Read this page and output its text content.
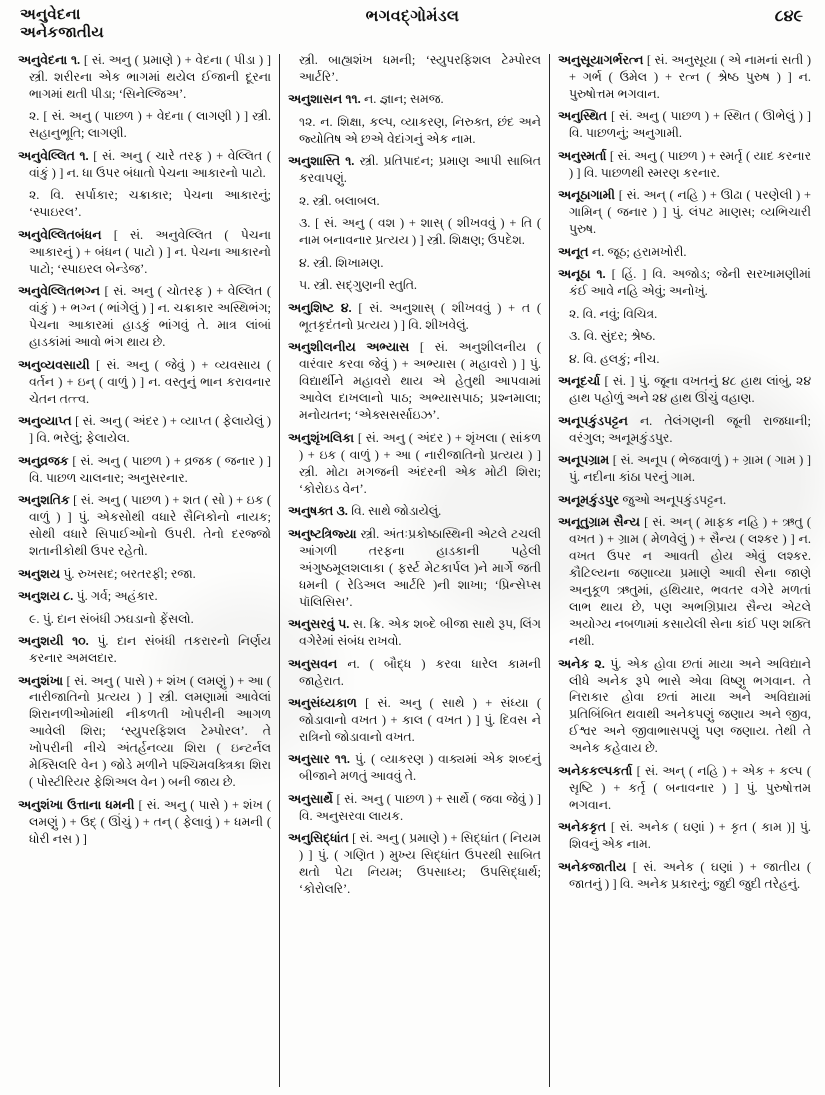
અનુવેદના
અનેકજાતીય
ભગવદ્ગોમંડલ	૮૪૯

અનુવેદના ૧. [ સં. અનુ ( પ્રમાણે ) + વેદના ( પીડા ) ] સ્ત્રી. શરીરના એક ભાગમાં થયેલ ઈજાની દૂરના ભાગમાં થતી પીડા; ‘સિનેલ્જિઅ’.

૨. [ સં. અનુ ( પાછળ ) + વેદના ( લાગણી ) ] સ્ત્રી. સહાનુભૂતિ; લાગણી.

અનુવેલ્લિત ૧. [ સં. અનુ ( ચારે તરફ ) + વેલ્લિત ( વાંકું ) ] ન. ધા ઉપર બંધાતો પેચના આકારનો પાટો.

૨. વિ. સર્પાકાર; ચક્રાકાર; પેચના આકારનું; ‘સ્પાઇરલ’.

અનુવેલ્લિતબંધન [ સં. અનુવેલ્લિત ( પેચના આકારનું ) + બંધન ( પાટો ) ] ન. પેચના આકારનો પાટો; ‘સ્પાઇરલ બેન્ડેજ’.

અનુવેલ્લિતભગ્ન [ સં. અનુ ( ચોતરફ ) + વેલ્લિત ( વાંકું ) + ભગ્ન ( ભાંગેલું ) ] ન. ચક્રાકાર અસ્થિભંગ; પેચના આકારમાં હાડકું ભાંગવું તે. માત્ર લાંબાં હાડકાંમાં આવો ભંગ થાય છે.

અનુવ્યવસાયી [ સં. અનુ ( જેવું ) + વ્યવસાય ( વર્તન ) + ઇન્ ( વાળું ) ] ન. વસ્તુનું ભાન કરાવનાર ચેતન તત્ત્વ.

અનુવ્યાપ્ત [ સં. અનુ ( અંદર ) + વ્યાપ્ત ( ફેલાયેલું ) ] વિ. ભરેલું; ફેલાયેલ.

અનુવ્રજક [ સં. અનુ ( પાછળ ) + વ્રજક ( જનાર ) ] વિ. પાછળ ચાલનાર; અનુસરનાર.

અનુશતિક [ સં. અનુ ( પાછળ ) + શત ( સો ) + ઇક ( વાળું ) ] પું. એકસોથી વધારે સૈનિકોનો નાયક; સોથી વધારે સિપાઈઓનો ઉપરી. તેનો દરજ્જો શતાનીકોથી ઉપર રહેતો.

અનુશય પું. રુખસદ; બરતરફી; રજા.

અનુશય ૮. પું. ગર્વ; અહંકાર.

૯. પું. દાન સંબંધી ઝઘડાનો ફેંસલો.

અનુશયી ૧૦. પું. દાન સંબંધી તકરારનો નિર્ણય કરનાર અમલદાર.

અનુશંખા [ સં. અનુ ( પાસે ) + શંખ ( લમણું ) + આ ( નારીજાતિનો પ્રત્યય ) ] સ્ત્રી. લમણામાં આવેલાં શિરાનળીઓમાંથી નીકળતી ખોપરીની આગળ આવેલી શિરા; ‘સ્યુપરફિશલ ટેમ્પોરલ’. તે ખોપરીની નીચે અંતર્હનવ્યા શિરા ( ઇન્ટર્નલ મેક્સિલરિ વેન ) જોડે મળીને પશ્ચિમવક્ત્રિકા શિરા ( પોસ્ટીરિયર ફેશિઅલ વેન ) બની જાય છે.

અનુશંખા ઉત્તાના ધમની [ સં. અનુ ( પાસે ) + શંખ ( લમણું ) + ઉદ્ ( ઊંચું ) + તન્ ( ફેલાવું ) + ધમની ( ધોરી નસ ) ]

સ્ત્રી. બાહ્યશંખ ધમની; ‘સ્યુપરફિશલ ટેમ્પોરલ આર્ટરિ’.

અનુશાસન ૧૧. ન. જ્ઞાન; સમજ.

૧૨. ન. શિક્ષા, કલ્પ, વ્યાકરણ, નિરુક્ત, છંદ અને જ્યોતિષ એ છએ વેદાંગનું એક નામ.

અનુશાસ્તિ ૧. સ્ત્રી. પ્રતિપાદન; પ્રમાણ આપી સાબિત કરવાપણું.

૨. સ્ત્રી. બલાબલ.

૩. [ સં. અનુ ( વશ ) + શાસ્ ( શીખવવું ) + તિ ( નામ બનાવનાર પ્રત્યય ) ] સ્ત્રી. શિક્ષણ; ઉપદેશ.

૪. સ્ત્રી. શિખામણ.

૫. સ્ત્રી. સદ્‌ગુણની સ્તુતિ.

અનુશિષ્ટ ૪. [ સં. અનુશાસ્ ( શીખવવું ) + ત ( ભૂતકૃદંતનો પ્રત્યય ) ] વિ. શીખવેલું.

અનુશીલનીય અભ્યાસ [ સં. અનુશીલનીય ( વારંવાર કરવા જેવું ) + અભ્યાસ ( મહાવરો ) ] પું. વિદ્યાર્થીને મહાવરો થાય એ હેતુથી આપવામાં આવેલ દાખલાનો પાઠ; અભ્યાસપાઠ; પ્રશ્નમાલા; મનોયતન; ‘એક્સસર્સાઇઝ’.

અનુશૃંખલિકા [ સં. અનુ ( અંદર ) + શૃંખલા ( સાંકળ ) + ઇક ( વાળું ) + આ ( નારીજાતિનો પ્રત્યય ) ] સ્ત્રી. મોટા મગજની અંદરની એક મોટી શિરા; ‘કોરોઇડ વેન’.

અનુષક્ત ૩. વિ. સાથે જોડાયેલું.

અનુષ્ટત્રિજ્યા સ્ત્રી. અંતઃપ્રકોષ્ઠાસ્થિની એટલે ટચલી આંગળી તરફના હાડકાની પહેલી અંગુષ્ઠમૂલશલાકા ( ફર્સ્ટ મેટકાર્પલ )ને માર્ગે જતી ધમની ( રેડિઅલ આર્ટરિ )ની શાખા; ‘પ્રિન્સેપ્સ પૉલિસિસ’.

અનુસરવું ૫. સ. ક્રિ. એક શબ્દે બીજા સાથે રૂપ, લિંગ વગેરેમાં સંબંધ રાખવો.

અનુસવન ન. ( બૌદ્ધ ) કરવા ધારેલ કામની જાહેરાત.

અનુસંધ્યકાળ [ સં. અનુ ( સાથે ) + સંધ્યા ( જોડાવાનો વખત ) + કાલ ( વખત ) ] પું. દિવસ ને રાત્રિનો જોડાવાનો વખત.

અનુસાર ૧૧. પું. ( વ્યાકરણ ) વાક્યમાં એક શબ્દનું બીજાને મળતું આવવું તે.

અનુસાર્થે [ સં. અનુ ( પાછળ ) + સાર્થે ( જવા જેવું ) ] વિ. અનુસરવા લાયક.

અનુસિદ્ધાંત [ સં. અનુ ( પ્રમાણે ) + સિદ્ધાંત ( નિયમ ) ] પું. ( ગણિત ) મુખ્ય સિદ્ધાંત ઉપરથી સાબિત થતો પેટા નિયમ; ઉપસાધ્ય; ઉપસિદ્ધાર્થ; ‘કોરોલરિ’.

અનુસૂયાગર્ભરત્ન [ સં. અનુસૂયા ( એ નામનાં સતી ) + ગર્ભ ( ઉમેલ ) + રત્ન ( શ્રેષ્ઠ પુરુષ ) ] ન. પુરુષોત્તમ ભગવાન.

અનુસ્થિત [ સં. અનુ ( પાછળ ) + સ્થિત ( ઊભેલું ) ] વિ. પાછળનું; અનુગામી.

અનુસ્મર્તા [ સં. અનુ ( પાછળ ) + સ્મર્તૃ ( યાદ કરનાર ) ] વિ. પાછળથી સ્મરણ કરનાર.

અનૂઠાગામી [ સં. અન્ ( નહિ ) + ઊઢા ( પરણેલી ) + ગામિન્ ( જનાર ) ] પું. લંપટ માણસ; વ્યભિચારી પુરુષ.

અનૂત ન. જૂઠ; હરામખોરી.

અનૂઠા ૧. [ હિં. ] વિ. અજોડ; જેની સરખામણીમાં કંઈ આવે નહિ એવું; અનોખું.

૨. વિ. નવું; વિચિત્ર.

૩. વિ. સુંદર; શ્રેષ્ઠ.

૪. વિ. હલકું; નીચ.

અનૂદર્ચા [ સં. ] પું. જૂના વખતનું ૪૮ હાથ લાંબું, ૨૪ હાથ પહોળું અને ૨૪ હાથ ઊંચું વહાણ.

અનૂપકુંડપટ્ટન ન. તેલંગણની જૂની રાજધાની; વરંગુલ; અનૂમકુંડપુર.

અનૂપગ્રામ [ સં. અનૂપ ( ભેજવાળું ) + ગ્રામ ( ગામ ) ] પું. નદીના કાંઠા પરનું ગામ.

અનૂમકુંડપુર જુઓ અનૂપકુંડપટ્ટન.

અનૂતુગ્રામ સૈન્ય [ સં. અન્ ( માફક નહિ ) + ઋતુ ( વખત ) + ગ્રામ ( મેળવેલું ) + સૈન્ય ( લશ્કર ) ] ન. વખત ઉપર ન આવતી હોય એવું લશ્કર. કૌટિલ્યના જણાવ્યા પ્રમાણે આવી સેના જાણે અનુકૂળ ઋતુમાં, હથિયાર, ભવતર વગેરે મળતાં લાભ થાય છે, પણ અભગ્રિપ્રાય સૈન્ય એટલે અયોગ્ય નબળામાં કસાયેલી સેના કાંઈ પણ શક્તિ નથી.

અનેક ૨. પું. એક હોવા છતાં માયા અને અવિદ્યાને લીધે અનેક રૂપે ભાસે એવા વિષ્ણુ ભગવાન. તે નિરાકાર હોવા છતાં માયા અને અવિદ્યામાં પ્રતિબિંબિત થવાથી અનેકપણું જણાય અને જીવ, ઈશ્વર અને જીવાભાસપણું પણ જણાય. તેથી તે અનેક કહેવાય છે.

અનેકકલ્પકર્તા [ સં. અન્ ( નહિ ) + એક + કલ્પ ( સૃષ્ટિ ) + કર્તૃ ( બનાવનાર ) ] પું. પુરુષોત્તમ ભગવાન.

અનેકકૃત [ સં. અનેક ( ઘણાં ) + કૃત ( કામ )] પું. શિવનું એક નામ.

અનેકજાતીય [ સં. અનેક ( ઘણાં ) + જાતીય ( જાતનું ) ] વિ. અનેક પ્રકારનું; જુદી જુદી તરેહનું.
